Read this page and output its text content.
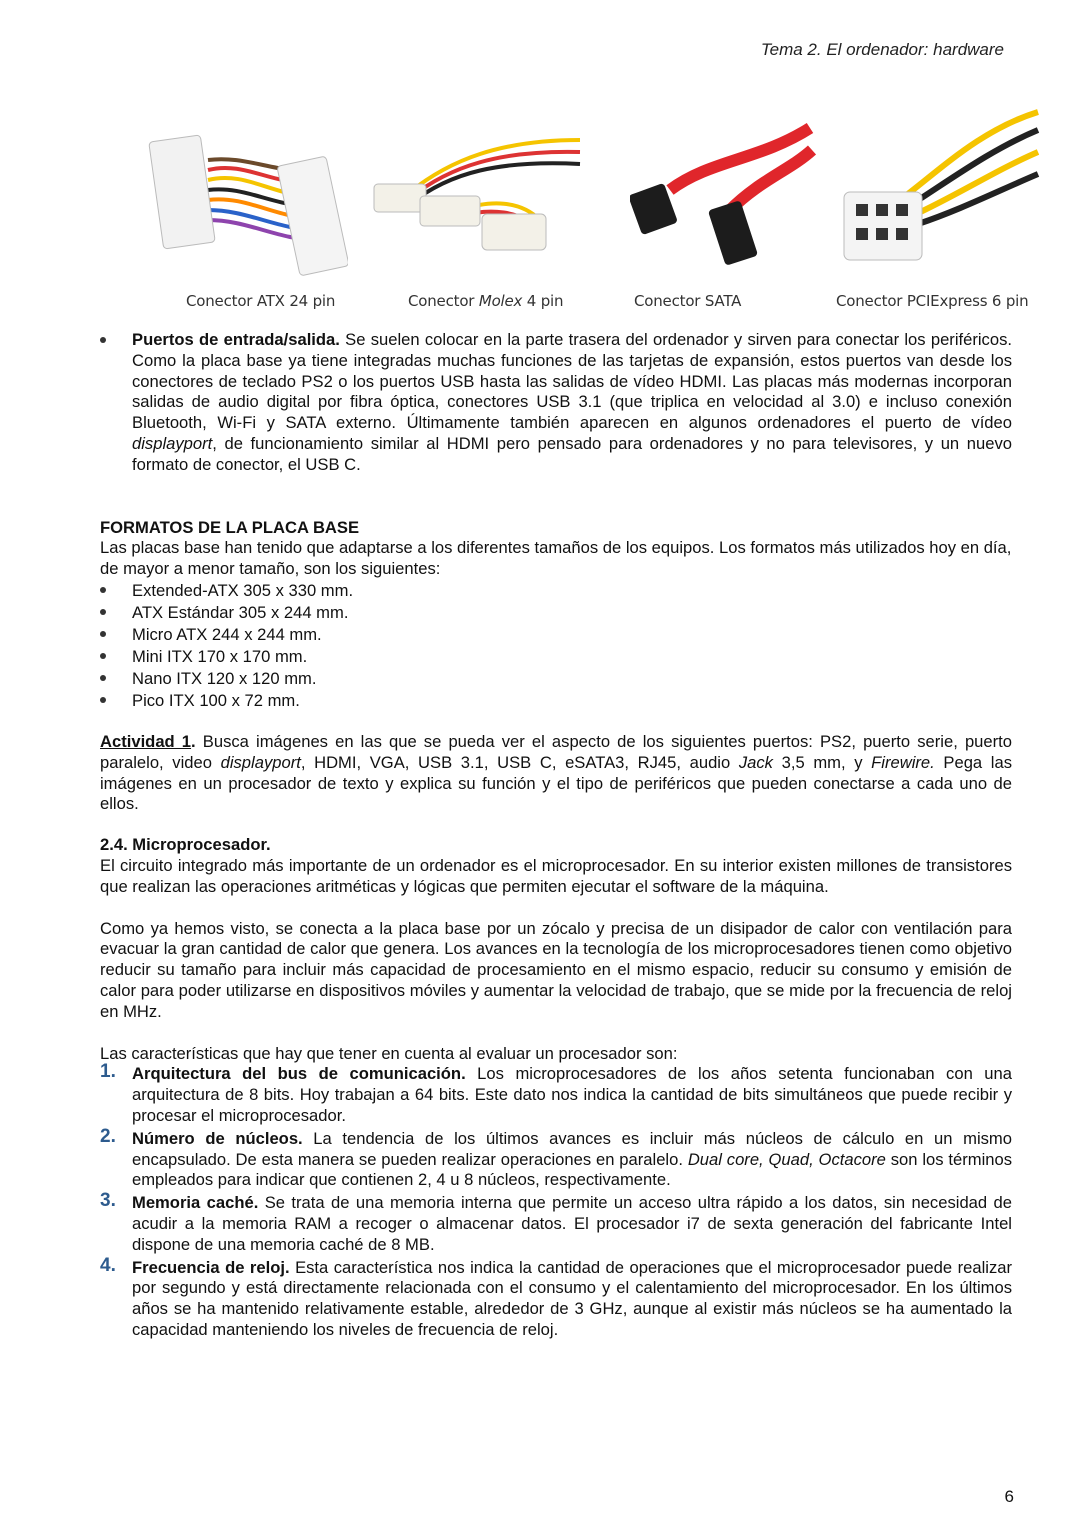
Tema 2. El ordenador: hardware
Conector ATX 24 pin	Conector Molex 4 pin	Conector SATA	Conector PCIExpress 6 pin
Puertos de entrada/salida. Se suelen colocar en la parte trasera del ordenador y sirven para conectar los periféricos. Como la placa base ya tiene integradas muchas funciones de las tarjetas de expansión, estos puertos van desde los conectores de teclado PS2 o los puertos USB hasta las salidas de vídeo HDMI. Las placas más modernas incorporan salidas de audio digital por fibra óptica, conectores USB 3.1 (que triplica en velocidad al 3.0) e incluso conexión Bluetooth, Wi-Fi y SATA externo. Últimamente también aparecen en algunos ordenadores el puerto de vídeo displayport, de funcionamiento similar al HDMI pero pensado para ordenadores y no para televisores, y un nuevo formato de conector, el USB C.
FORMATOS DE LA PLACA BASE
Las placas base han tenido que adaptarse a los diferentes tamaños de los equipos. Los formatos más utilizados hoy en día, de mayor a menor tamaño, son los siguientes:
Extended-ATX 305 x 330 mm.
ATX Estándar 305 x 244 mm.
Micro ATX 244 x 244 mm.
Mini ITX 170 x 170 mm.
Nano ITX 120 x 120 mm.
Pico ITX 100 x 72 mm.
Actividad 1. Busca imágenes en las que se pueda ver el aspecto de los siguientes puertos: PS2, puerto serie, puerto paralelo, video displayport, HDMI, VGA, USB 3.1, USB C, eSATA3, RJ45, audio Jack 3,5 mm, y Firewire. Pega las imágenes en un procesador de texto y explica su función y el tipo de periféricos que pueden conectarse a cada uno de ellos.
2.4. Microprocesador.
El circuito integrado más importante de un ordenador es el microprocesador. En su interior existen millones de transistores que realizan las operaciones aritméticas y lógicas que permiten ejecutar el software de la máquina.
Como ya hemos visto, se conecta a la placa base por un zócalo y precisa de un disipador de calor con ventilación para evacuar la gran cantidad de calor que genera. Los avances en la tecnología de los microprocesadores tienen como objetivo reducir su tamaño para incluir más capacidad de procesamiento en el mismo espacio, reducir su consumo y emisión de calor para poder utilizarse en dispositivos móviles y aumentar la velocidad de trabajo, que se mide por la frecuencia de reloj en MHz.
Las características que hay que tener en cuenta al evaluar un procesador son:
1. Arquitectura del bus de comunicación. Los microprocesadores de los años setenta funcionaban con una arquitectura de 8 bits. Hoy trabajan a 64 bits. Este dato nos indica la cantidad de bits simultáneos que puede recibir y procesar el microprocesador.
2. Número de núcleos. La tendencia de los últimos avances es incluir más núcleos de cálculo en un mismo encapsulado. De esta manera se pueden realizar operaciones en paralelo. Dual core, Quad, Octacore son los términos empleados para indicar que contienen 2, 4 u 8 núcleos, respectivamente.
3. Memoria caché. Se trata de una memoria interna que permite un acceso ultra rápido a los datos, sin necesidad de acudir a la memoria RAM a recoger o almacenar datos. El procesador i7 de sexta generación del fabricante Intel dispone de una memoria caché de 8 MB.
4. Frecuencia de reloj. Esta característica nos indica la cantidad de operaciones que el microprocesador puede realizar por segundo y está directamente relacionada con el consumo y el calentamiento del microprocesador. En los últimos años se ha mantenido relativamente estable, alrededor de 3 GHz, aunque al existir más núcleos se ha aumentado la capacidad manteniendo los niveles de frecuencia de reloj.
6
